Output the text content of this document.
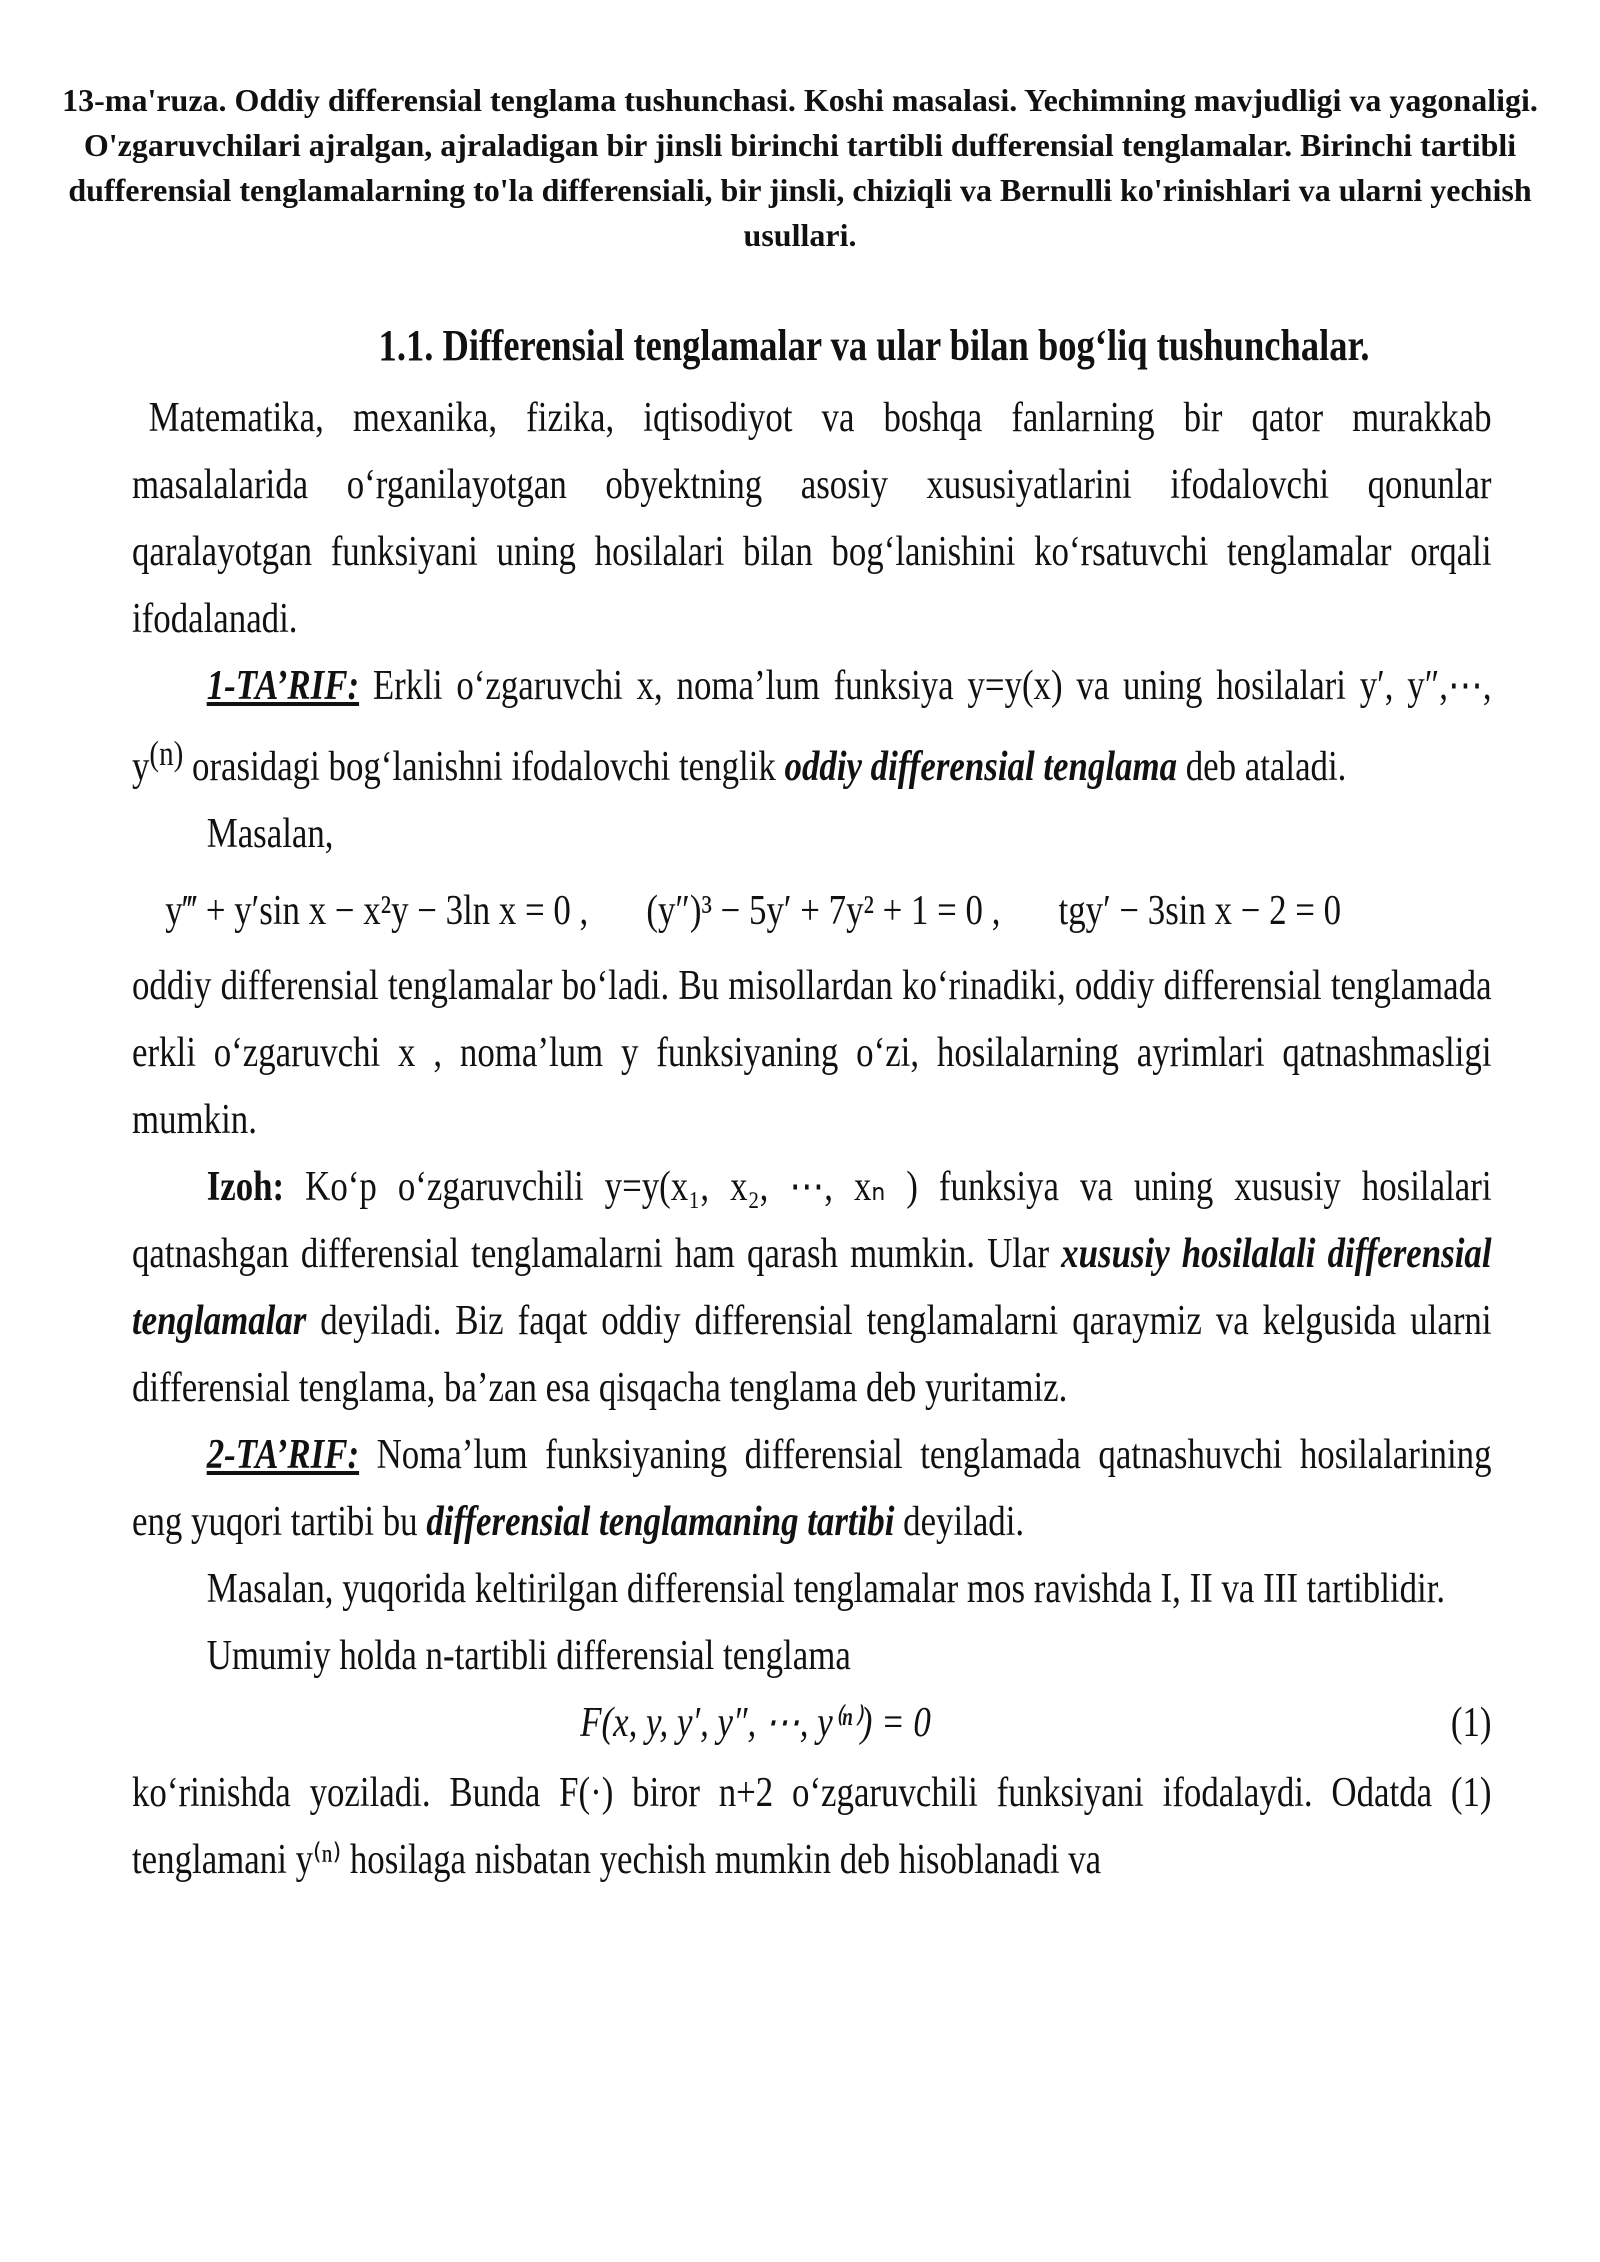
13-ma'ruza. Oddiy differensial tenglama tushunchasi. Koshi masalasi. Yechimning mavjudligi va yagonaligi. O'zgaruvchilari ajralgan, ajraladigan bir jinsli birinchi tartibli dufferensial tenglamalar. Birinchi tartibli dufferensial tenglamalarning to'la differensiali, bir jinsli, chiziqli va Bernulli ko'rinishlari va ularni yechish usullari.
1.1. Differensial tenglamalar va ular bilan bog‘liq tushunchalar.

Matematika, mexanika, fizika, iqtisodiyot va boshqa fanlarning bir qator murakkab masalalarida o‘rganilayotgan obyektning asosiy xususiyatlarini ifodalovchi qonunlar qaralayotgan funksiyani uning hosilalari bilan bog‘lanishini ko‘rsatuvchi tenglamalar orqali ifodalanadi.

1-TA’RIF: Erkli o‘zgaruvchi x, noma’lum funksiya y=y(x) va uning hosilalari y′, y″,⋯, $y^{(n)}$ orasidagi bog‘lanishni ifodalovchi tenglik oddiy differensial tenglama deb ataladi.

Masalan,

y‴ + y′sin x − x²y − 3ln x = 0 , (y″)³ − 5y′ + 7y² + 1 = 0 , tgy′ − 3sin x − 2 = 0

oddiy differensial tenglamalar bo‘ladi. Bu misollardan ko‘rinadiki, oddiy differensial tenglamada erkli o‘zgaruvchi x , noma’lum y funksiyaning o‘zi, hosilalarning ayrimlari qatnashmasligi mumkin.

Izoh: Ko‘p o‘zgaruvchili y=y(x₁, x₂, ⋯, xₙ ) funksiya va uning xususiy hosilalari qatnashgan differensial tenglamalarni ham qarash mumkin. Ular xususiy hosilalali differensial tenglamalar deyiladi. Biz faqat oddiy differensial tenglamalarni qaraymiz va kelgusida ularni differensial tenglama, ba’zan esa qisqacha tenglama deb yuritamiz.

2-TA’RIF: Noma’lum funksiyaning differensial tenglamada qatnashuvchi hosilalarining eng yuqori tartibi bu differensial tenglamaning tartibi deyiladi.

Masalan, yuqorida keltirilgan differensial tenglamalar mos ravishda I, II va III tartiblidir.

Umumiy holda n-tartibli differensial tenglama

F(x, y, y′, y″, ⋯, y⁽ⁿ⁾) = 0	(1)

ko‘rinishda yoziladi. Bunda F(·) biror n+2 o‘zgaruvchili funksiyani ifodalaydi. Odatda (1) tenglamani y⁽ⁿ⁾ hosilaga nisbatan yechish mumkin deb hisoblanadi va
